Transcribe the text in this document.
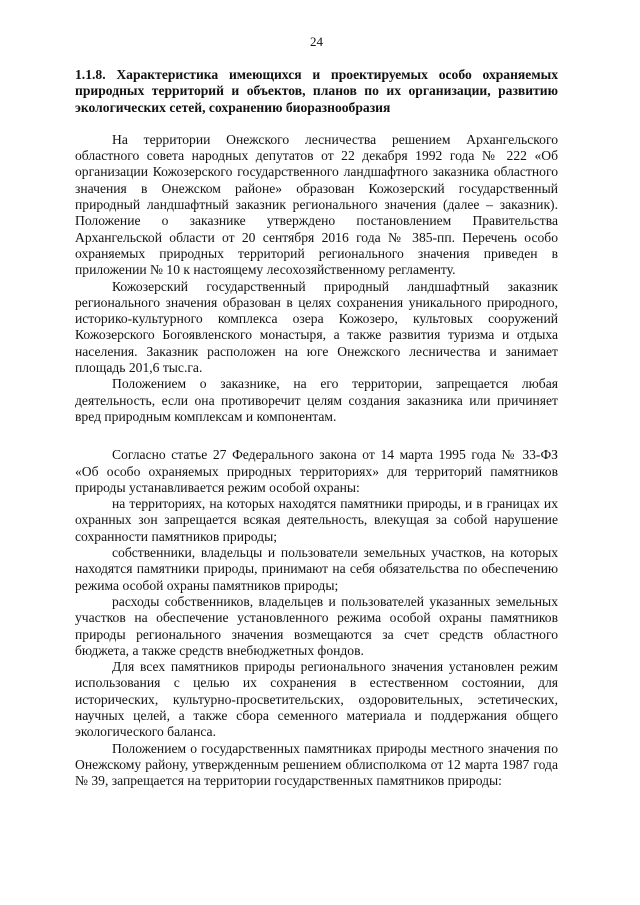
24
1.1.8. Характеристика имеющихся и проектируемых особо охраняемых природных территорий и объектов, планов по их организации, развитию экологических сетей, сохранению биоразнообразия

На территории Онежского лесничества решением Архангельского областного совета народных депутатов от 22 декабря 1992 года № 222 «Об организации Кожозерского государственного ландшафтного заказника областного значения в Онежском районе» образован Кожозерский государственный природный ландшафтный заказник регионального значения (далее – заказник). Положение о заказнике утверждено постановлением Правительства Архангельской области от 20 сентября 2016 года № 385-пп. Перечень особо охраняемых природных территорий регионального значения приведен в приложении № 10 к настоящему лесохозяйственному регламенту.

Кожозерский государственный природный ландшафтный заказник регионального значения образован в целях сохранения уникального природного, историко-культурного комплекса озера Кожозеро, культовых сооружений Кожозерского Богоявленского монастыря, а также развития туризма и отдыха населения. Заказник расположен на юге Онежского лесничества и занимает площадь 201,6 тыс.га.

Положением о заказнике, на его территории, запрещается любая деятельность, если она противоречит целям создания заказника или причиняет вред природным комплексам и компонентам.

Согласно статье 27 Федерального закона от 14 марта 1995 года № 33-ФЗ «Об особо охраняемых природных территориях» для территорий памятников природы устанавливается режим особой охраны:

на территориях, на которых находятся памятники природы, и в границах их охранных зон запрещается всякая деятельность, влекущая за собой нарушение сохранности памятников природы;

собственники, владельцы и пользователи земельных участков, на которых находятся памятники природы, принимают на себя обязательства по обеспечению режима особой охраны памятников природы;

расходы собственников, владельцев и пользователей указанных земельных участков на обеспечение установленного режима особой охраны памятников природы регионального значения возмещаются за счет средств областного бюджета, а также средств внебюджетных фондов.

Для всех памятников природы регионального значения установлен режим использования с целью их сохранения в естественном состоянии, для исторических, культурно-просветительских, оздоровительных, эстетических, научных целей, а также сбора семенного материала и поддержания общего экологического баланса.

Положением о государственных памятниках природы местного значения по Онежскому району, утвержденным решением облисполкома от 12 марта 1987 года № 39, запрещается на территории государственных памятников природы:
